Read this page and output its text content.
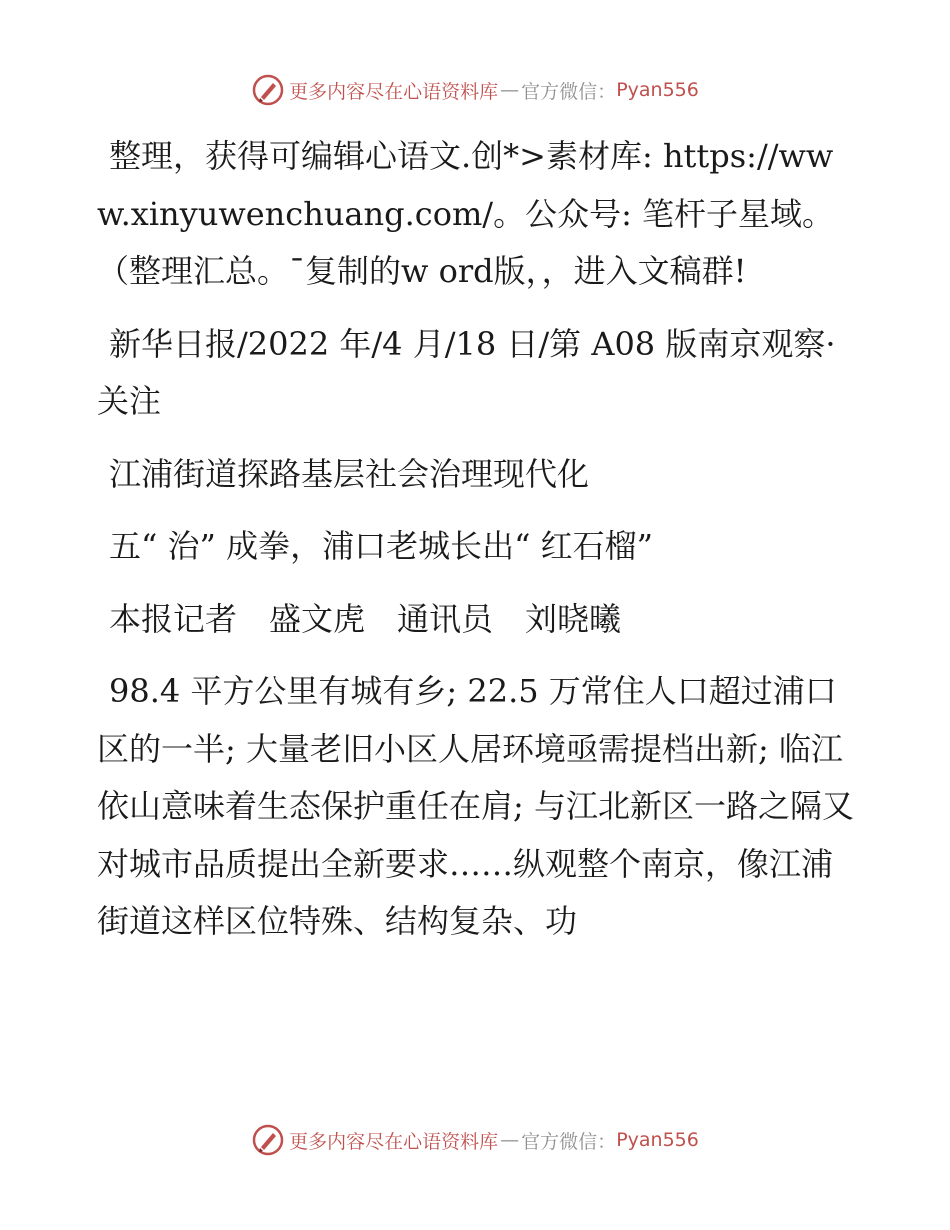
更多内容尽在心语资料库 — 官方微信： Pyan556

整理，获得可编辑心语文.创*>素材库: https://www.xinyuwenchuang.com/。公众号: 笔杆子星域。（整理汇总。¯复制的w ord版，，进入文稿群!

新华日报/2022 年/4 月/18 日/第 A08 版南京观察· 关注

江浦街道探路基层社会治理现代化

五“ 治” 成拳，浦口老城长出“ 红石榴”

本报记者　盛文虎　通讯员　刘晓曦

98.4 平方公里有城有乡; 22.5 万常住人口超过浦口区的一半; 大量老旧小区人居环境亟需提档出新; 临江依山意味着生态保护重任在肩; 与江北新区一路之隔又对城市品质提出全新要求……纵观整个南京，像江浦街道这样区位特殊、结构复杂、功

更多内容尽在心语资料库 — 官方微信： Pyan556
